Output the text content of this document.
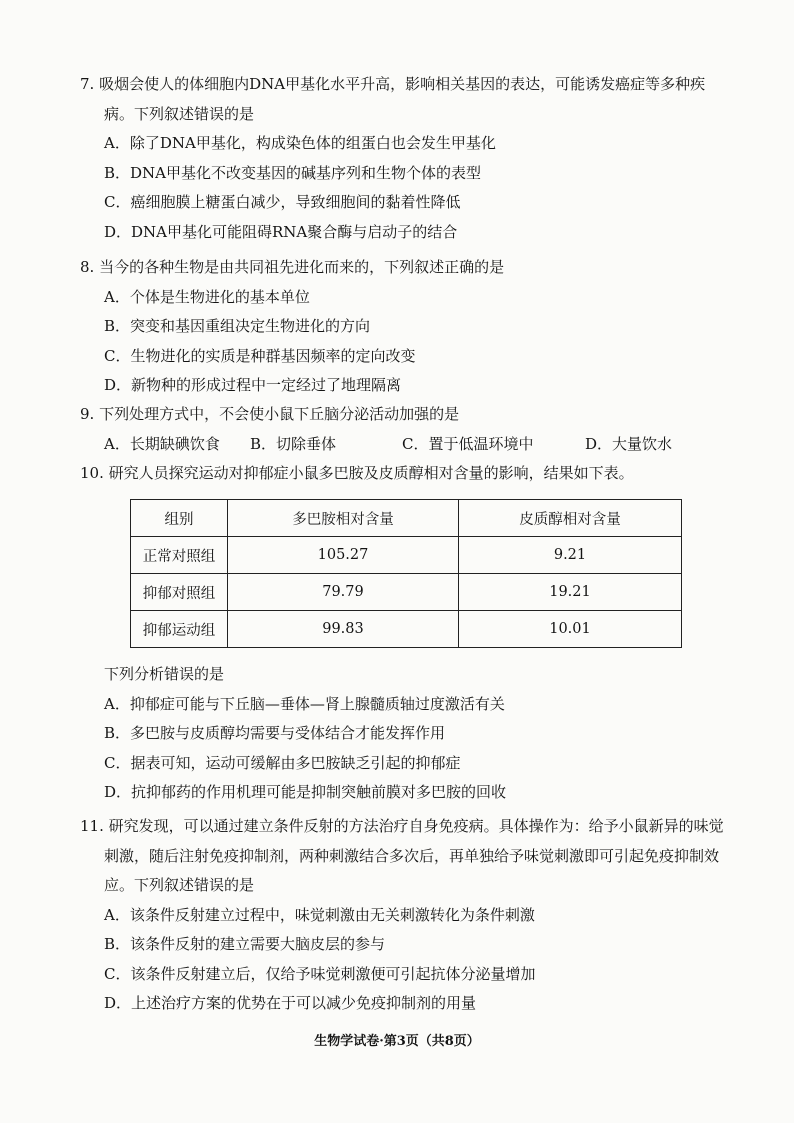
7. 吸烟会使人的体细胞内DNA甲基化水平升高，影响相关基因的表达，可能诱发癌症等多种疾病。下列叙述错误的是
A．除了DNA甲基化，构成染色体的组蛋白也会发生甲基化
B．DNA甲基化不改变基因的碱基序列和生物个体的表型
C．癌细胞膜上糖蛋白减少，导致细胞间的黏着性降低
D．DNA甲基化可能阻碍RNA聚合酶与启动子的结合
8. 当今的各种生物是由共同祖先进化而来的，下列叙述正确的是
A．个体是生物进化的基本单位
B．突变和基因重组决定生物进化的方向
C．生物进化的实质是种群基因频率的定向改变
D．新物种的形成过程中一定经过了地理隔离
9. 下列处理方式中，不会使小鼠下丘脑分泌活动加强的是
A．长期缺碘饮食	B．切除垂体	C．置于低温环境中	D．大量饮水
10. 研究人员探究运动对抑郁症小鼠多巴胺及皮质醇相对含量的影响，结果如下表。
组别	多巴胺相对含量	皮质醇相对含量
正常对照组	105.27	9.21
抑郁对照组	79.79	19.21
抑郁运动组	99.83	10.01
下列分析错误的是
A．抑郁症可能与下丘脑—垂体—肾上腺髓质轴过度激活有关
B．多巴胺与皮质醇均需要与受体结合才能发挥作用
C．据表可知，运动可缓解由多巴胺缺乏引起的抑郁症
D．抗抑郁药的作用机理可能是抑制突触前膜对多巴胺的回收
11. 研究发现，可以通过建立条件反射的方法治疗自身免疫病。具体操作为：给予小鼠新异的味觉刺激，随后注射免疫抑制剂，两种刺激结合多次后，再单独给予味觉刺激即可引起免疫抑制效应。下列叙述错误的是
A．该条件反射建立过程中，味觉刺激由无关刺激转化为条件刺激
B．该条件反射的建立需要大脑皮层的参与
C．该条件反射建立后，仅给予味觉刺激便可引起抗体分泌量增加
D．上述治疗方案的优势在于可以减少免疫抑制剂的用量
生物学试卷·第3页（共8页）
